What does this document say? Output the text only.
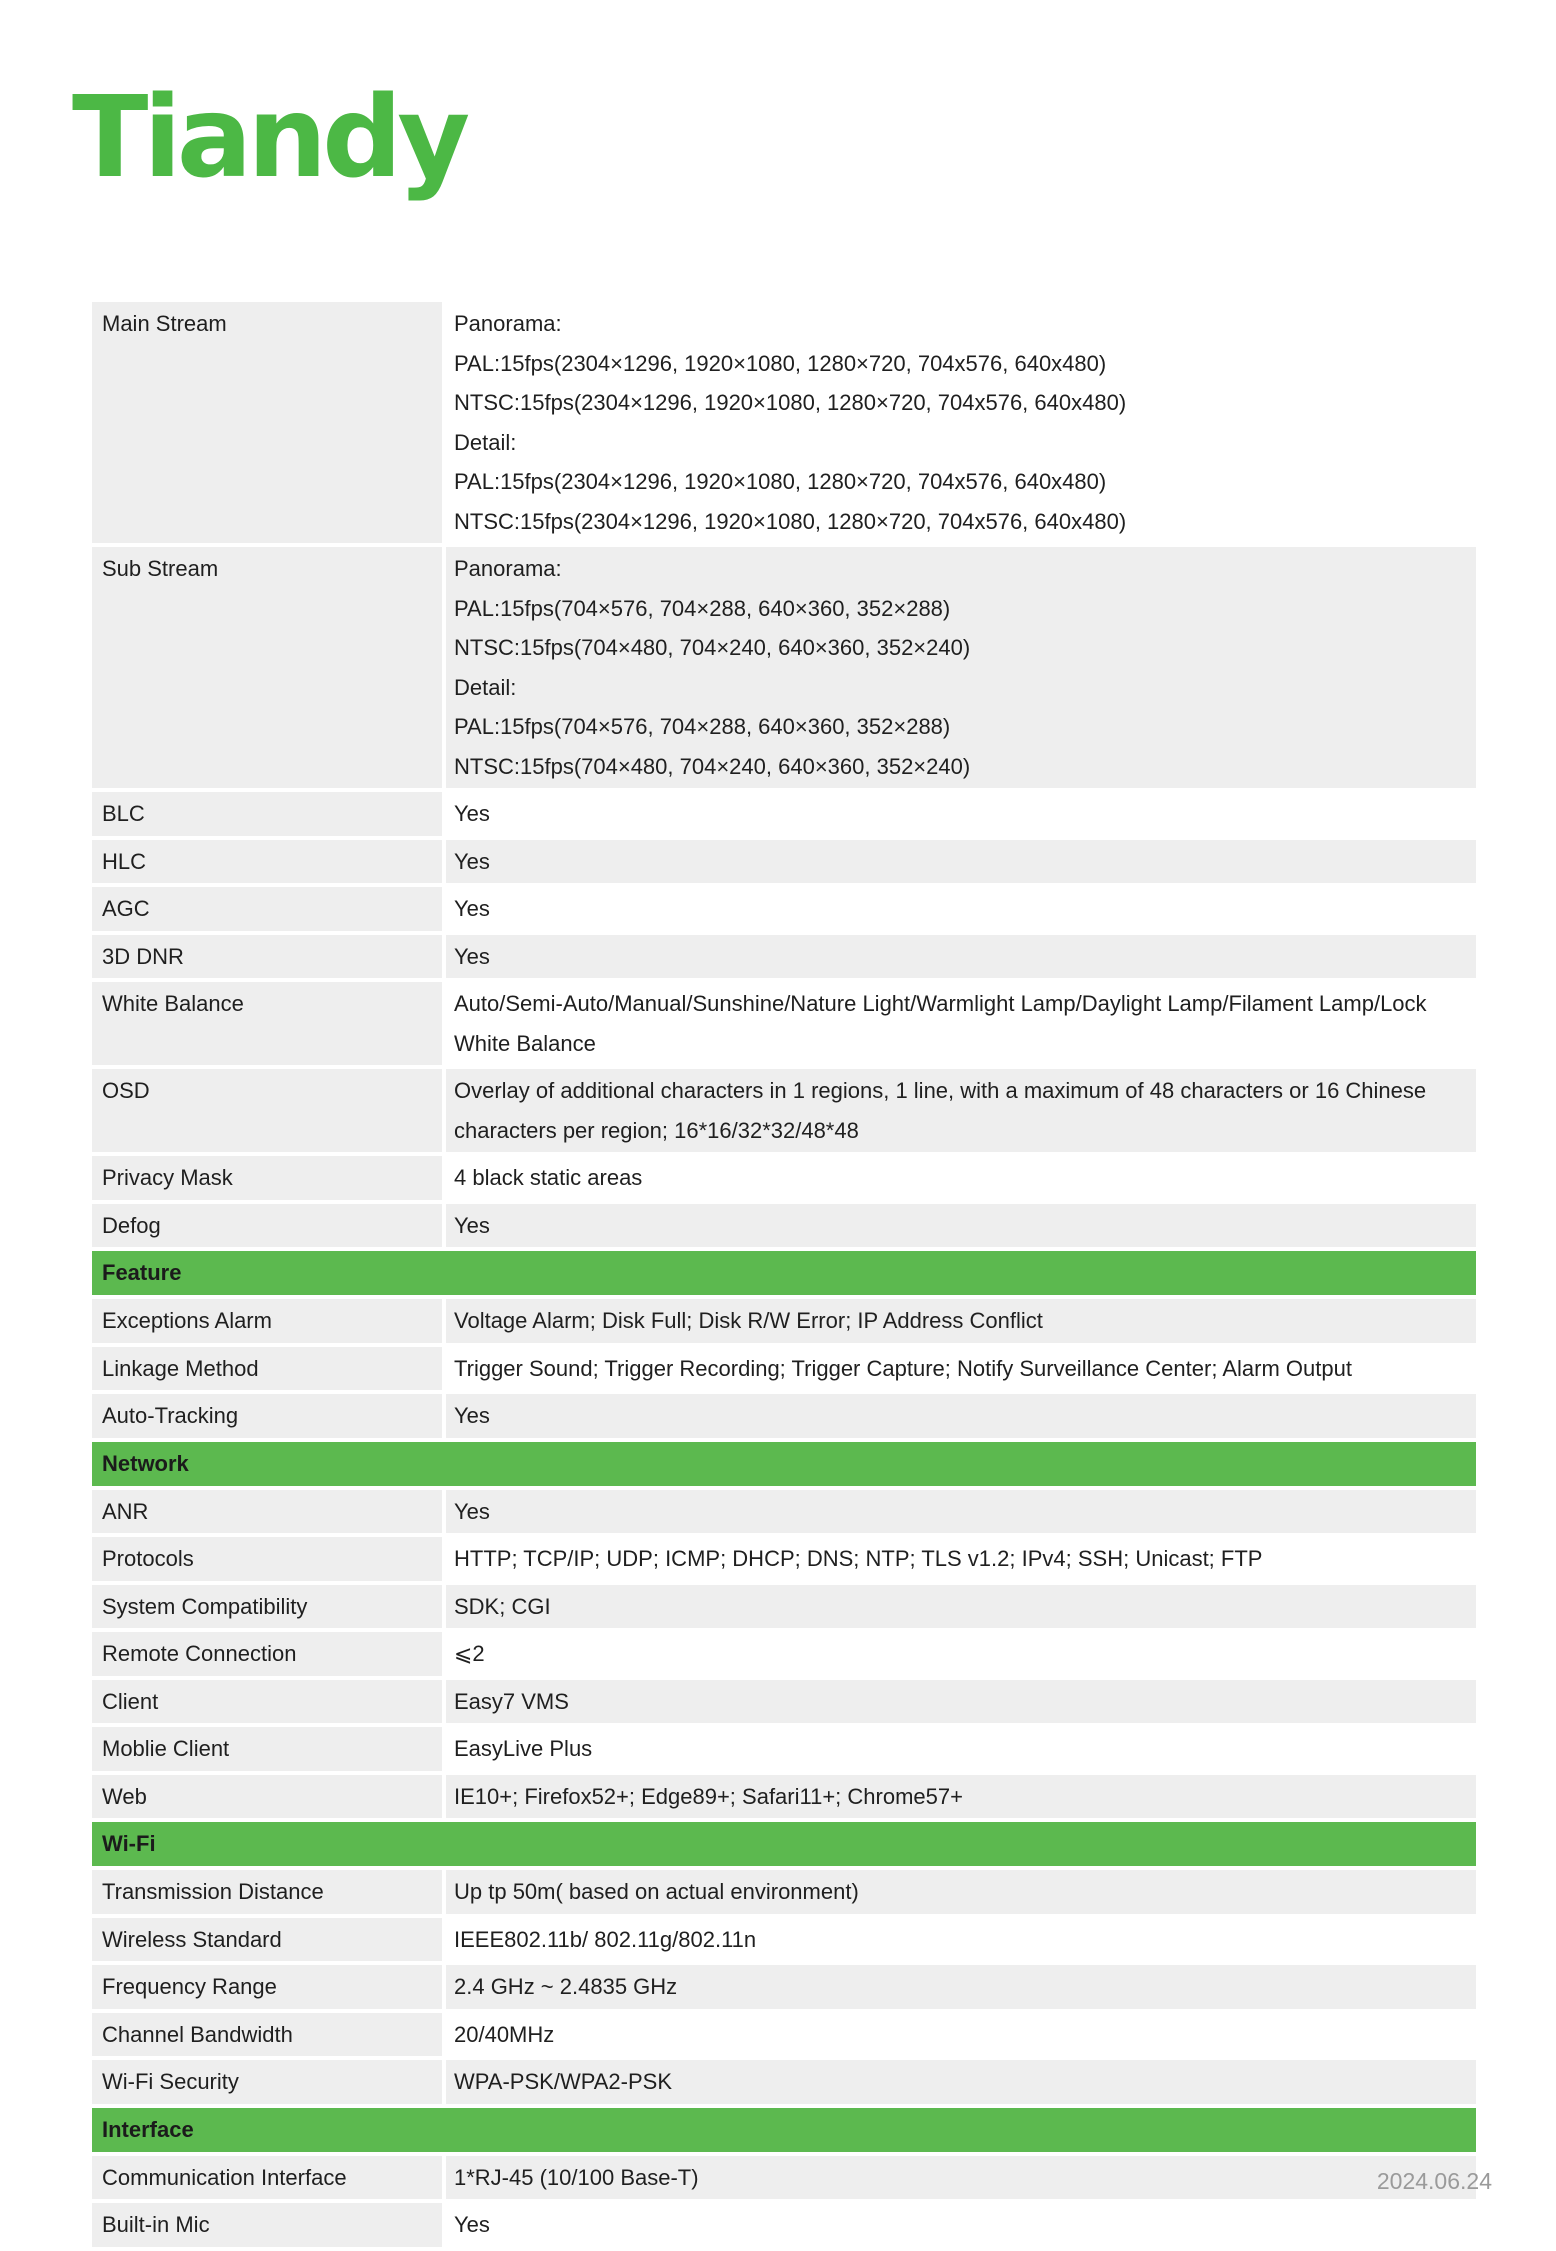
Tiandy
Main Stream	Panorama:
PAL:15fps(2304×1296, 1920×1080, 1280×720, 704x576, 640x480)
NTSC:15fps(2304×1296, 1920×1080, 1280×720, 704x576, 640x480)
Detail:
PAL:15fps(2304×1296, 1920×1080, 1280×720, 704x576, 640x480)
NTSC:15fps(2304×1296, 1920×1080, 1280×720, 704x576, 640x480)
Sub Stream	Panorama:
PAL:15fps(704×576, 704×288, 640×360, 352×288)
NTSC:15fps(704×480, 704×240, 640×360, 352×240)
Detail:
PAL:15fps(704×576, 704×288, 640×360, 352×288)
NTSC:15fps(704×480, 704×240, 640×360, 352×240)
BLC	Yes
HLC	Yes
AGC	Yes
3D DNR	Yes
White Balance	Auto/Semi-Auto/Manual/Sunshine/Nature Light/Warmlight Lamp/Daylight Lamp/Filament Lamp/Lock
White Balance
OSD	Overlay of additional characters in 1 regions, 1 line, with a maximum of 48 characters or 16 Chinese
characters per region; 16*16/32*32/48*48
Privacy Mask	4 black static areas
Defog	Yes
Feature
Exceptions Alarm	Voltage Alarm; Disk Full; Disk R/W Error; IP Address Conflict
Linkage Method	Trigger Sound; Trigger Recording; Trigger Capture; Notify Surveillance Center; Alarm Output
Auto-Tracking	Yes
Network
ANR	Yes
Protocols	HTTP; TCP/IP; UDP; ICMP; DHCP; DNS; NTP; TLS v1.2; IPv4; SSH; Unicast; FTP
System Compatibility	SDK; CGI
Remote Connection	⩽2
Client	Easy7 VMS
Moblie Client	EasyLive Plus
Web	IE10+; Firefox52+; Edge89+; Safari11+; Chrome57+
Wi-Fi
Transmission Distance	Up tp 50m( based on actual environment)
Wireless Standard	IEEE802.11b/ 802.11g/802.11n
Frequency Range	2.4 GHz ~ 2.4835 GHz
Channel Bandwidth	20/40MHz
Wi-Fi Security	WPA-PSK/WPA2-PSK
Interface
Communication Interface	1*RJ-45 (10/100 Base-T)
Built-in Mic	Yes
2024.06.24
